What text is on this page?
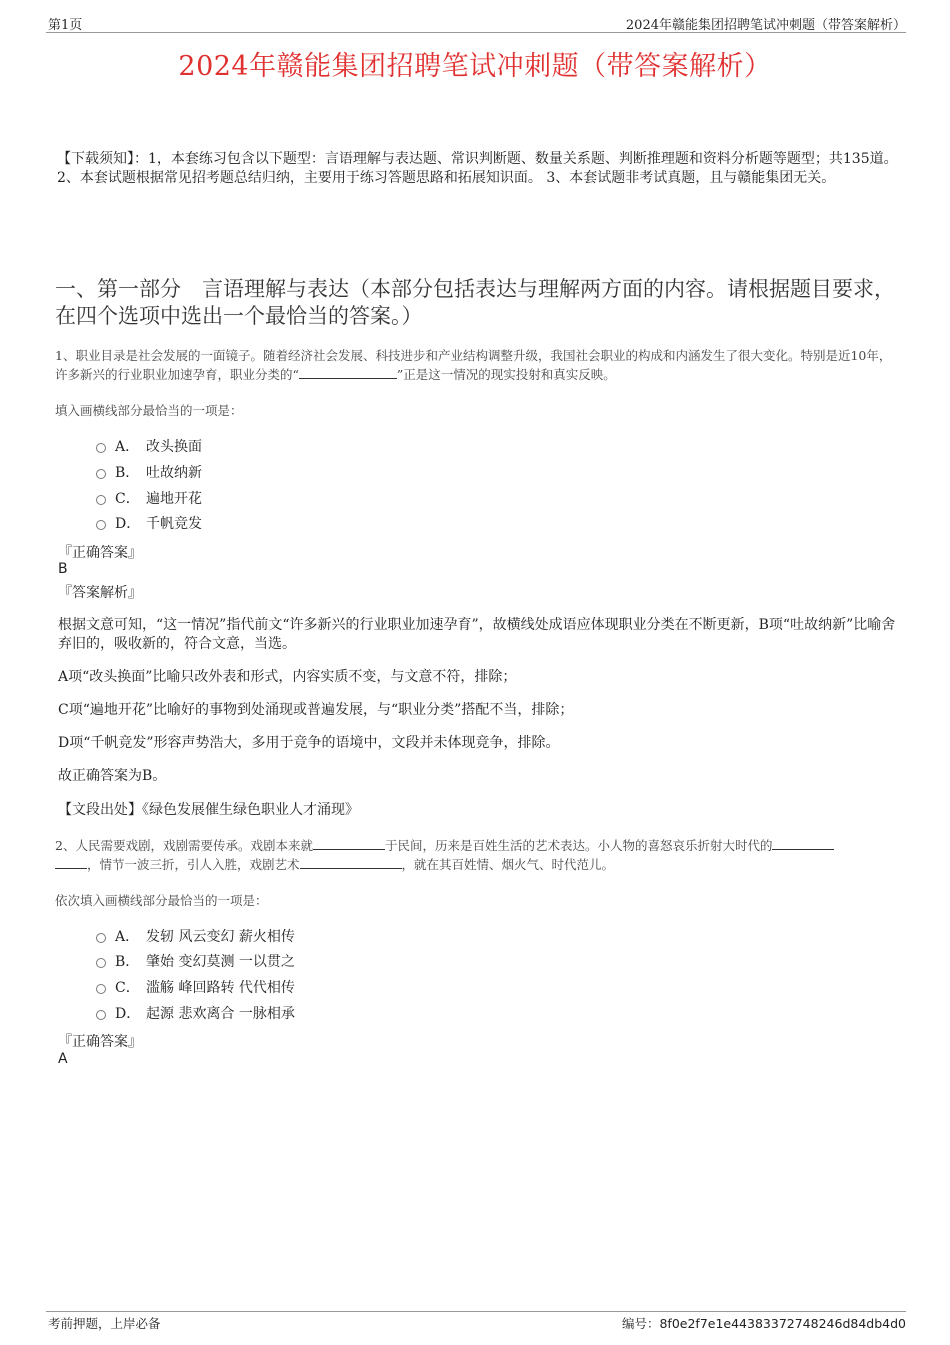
第1页	2024年赣能集团招聘笔试冲刺题（带答案解析）
2024年赣能集团招聘笔试冲刺题（带答案解析）
【下载须知】：1，本套练习包含以下题型：言语理解与表达题、常识判断题、数量关系题、判断推理题和资料分析题等题型；共135道。 2、本套试题根据常见招考题总结归纳，主要用于练习答题思路和拓展知识面。 3、本套试题非考试真题，且与赣能集团无关。
一、第一部分　言语理解与表达（本部分包括表达与理解两方面的内容。请根据题目要求，在四个选项中选出一个最恰当的答案。）
1、职业目录是社会发展的一面镜子。随着经济社会发展、科技进步和产业结构调整升级，我国社会职业的构成和内涵发生了很大变化。特别是近10年，许多新兴的行业职业加速孕育，职业分类的“	”正是这一情况的现实投射和真实反映。
填入画横线部分最恰当的一项是：
A． 改头换面
B． 吐故纳新
C． 遍地开花
D． 千帆竞发
『正确答案』
B
『答案解析』
根据文意可知，“这一情况”指代前文“许多新兴的行业职业加速孕育”，故横线处成语应体现职业分类在不断更新，B项“吐故纳新”比喻舍弃旧的，吸收新的，符合文意，当选。
A项“改头换面”比喻只改外表和形式，内容实质不变，与文意不符，排除；
C项“遍地开花”比喻好的事物到处涌现或普遍发展，与“职业分类”搭配不当，排除；
D项“千帆竞发”形容声势浩大，多用于竞争的语境中，文段并未体现竞争，排除。
故正确答案为B。
【文段出处】《绿色发展催生绿色职业人才涌现》
2、人民需要戏剧，戏剧需要传承。戏剧本来就	于民间，历来是百姓生活的艺术表达。小人物的喜怒哀乐折射大时代的
，情节一波三折，引人入胜，戏剧艺术	，就在其百姓情、烟火气、时代范儿。
依次填入画横线部分最恰当的一项是：
A． 发轫 风云变幻 薪火相传
B． 肇始 变幻莫测 一以贯之
C． 滥觞 峰回路转 代代相传
D． 起源 悲欢离合 一脉相承
『正确答案』
A
考前押题，上岸必备	编号：8f0e2f7e1e44383372748246d84db4d0
